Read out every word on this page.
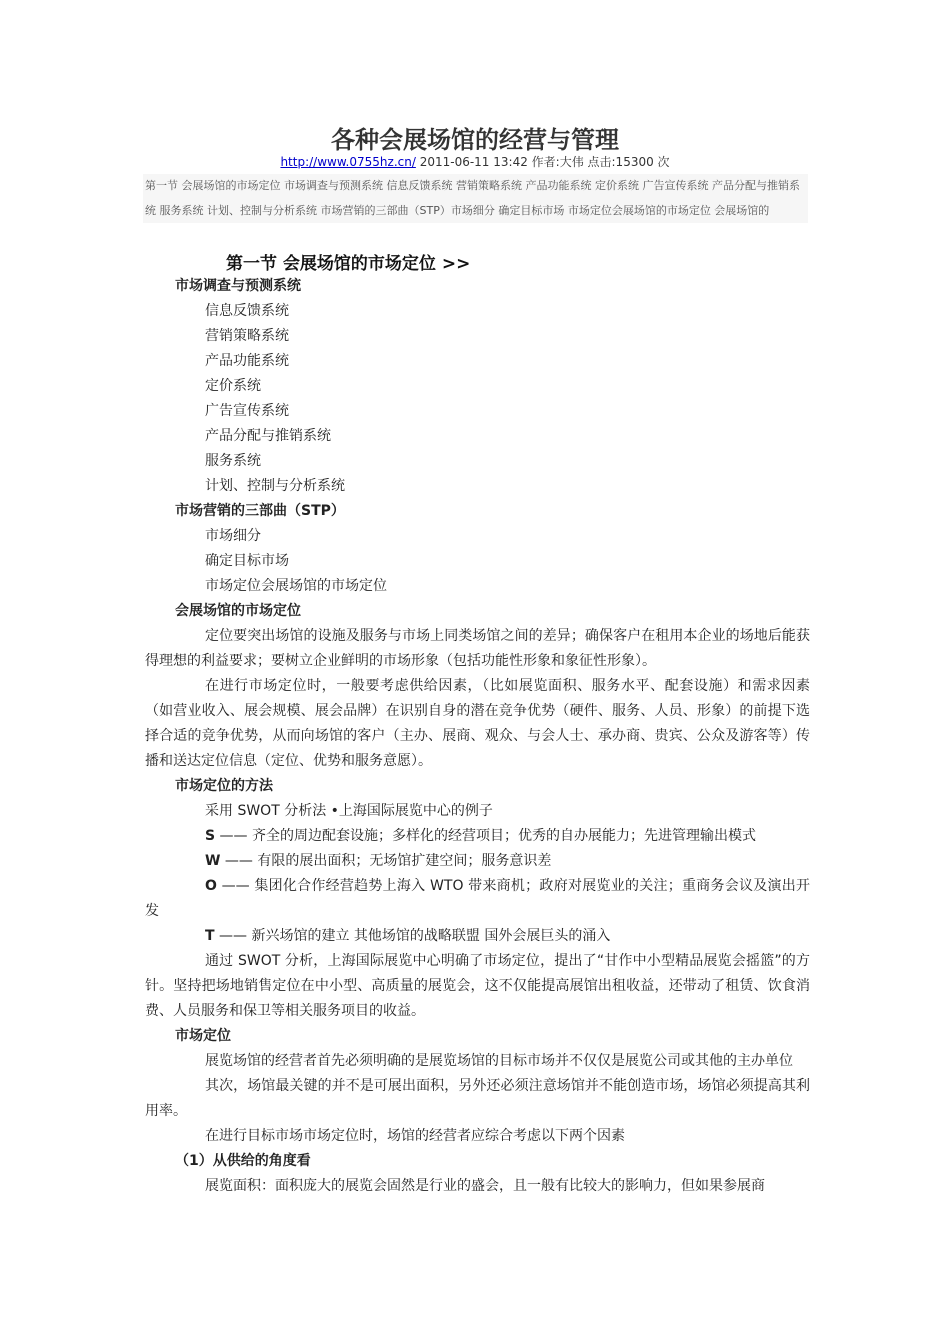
各种会展场馆的经营与管理
http://www.0755hz.cn/ 2011-06-11 13:42 作者:大伟 点击:15300 次
第一节 会展场馆的市场定位 市场调查与预测系统 信息反馈系统 营销策略系统 产品功能系统 定价系统 广告宣传系统 产品分配与推销系统 服务系统 计划、控制与分析系统 市场营销的三部曲（STP）市场细分 确定目标市场 市场定位会展场馆的市场定位 会展场馆的
第一节 会展场馆的市场定位 >>
市场调查与预测系统
信息反馈系统
营销策略系统
产品功能系统
定价系统
广告宣传系统
产品分配与推销系统
服务系统
计划、控制与分析系统
市场营销的三部曲（STP）
市场细分
确定目标市场
市场定位会展场馆的市场定位
会展场馆的市场定位
定位要突出场馆的设施及服务与市场上同类场馆之间的差异；确保客户在租用本企业的场地后能获得理想的利益要求；要树立企业鲜明的市场形象（包括功能性形象和象征性形象）。
在进行市场定位时，一般要考虑供给因素，（比如展览面积、服务水平、配套设施）和需求因素（如营业收入、展会规模、展会品牌）在识别自身的潜在竞争优势（硬件、服务、人员、形象）的前提下选择合适的竞争优势，从而向场馆的客户（主办、展商、观众、与会人士、承办商、贵宾、公众及游客等）传播和送达定位信息（定位、优势和服务意愿）。
市场定位的方法
采用 SWOT 分析法 •上海国际展览中心的例子
S —— 齐全的周边配套设施；多样化的经营项目；优秀的自办展能力；先进管理输出模式
W —— 有限的展出面积；无场馆扩建空间；服务意识差
O —— 集团化合作经营趋势上海入 WTO 带来商机；政府对展览业的关注；重商务会议及演出开发
T —— 新兴场馆的建立 其他场馆的战略联盟 国外会展巨头的涌入
通过 SWOT 分析，上海国际展览中心明确了市场定位，提出了“甘作中小型精品展览会摇篮”的方针。坚持把场地销售定位在中小型、高质量的展览会，这不仅能提高展馆出租收益，还带动了租赁、饮食消费、人员服务和保卫等相关服务项目的收益。
市场定位
展览场馆的经营者首先必须明确的是展览场馆的目标市场并不仅仅是展览公司或其他的主办单位
其次，场馆最关键的并不是可展出面积，另外还必须注意场馆并不能创造市场，场馆必须提高其利用率。
在进行目标市场市场定位时，场馆的经营者应综合考虑以下两个因素
（1）从供给的角度看
展览面积：面积庞大的展览会固然是行业的盛会，且一般有比较大的影响力，但如果参展商
